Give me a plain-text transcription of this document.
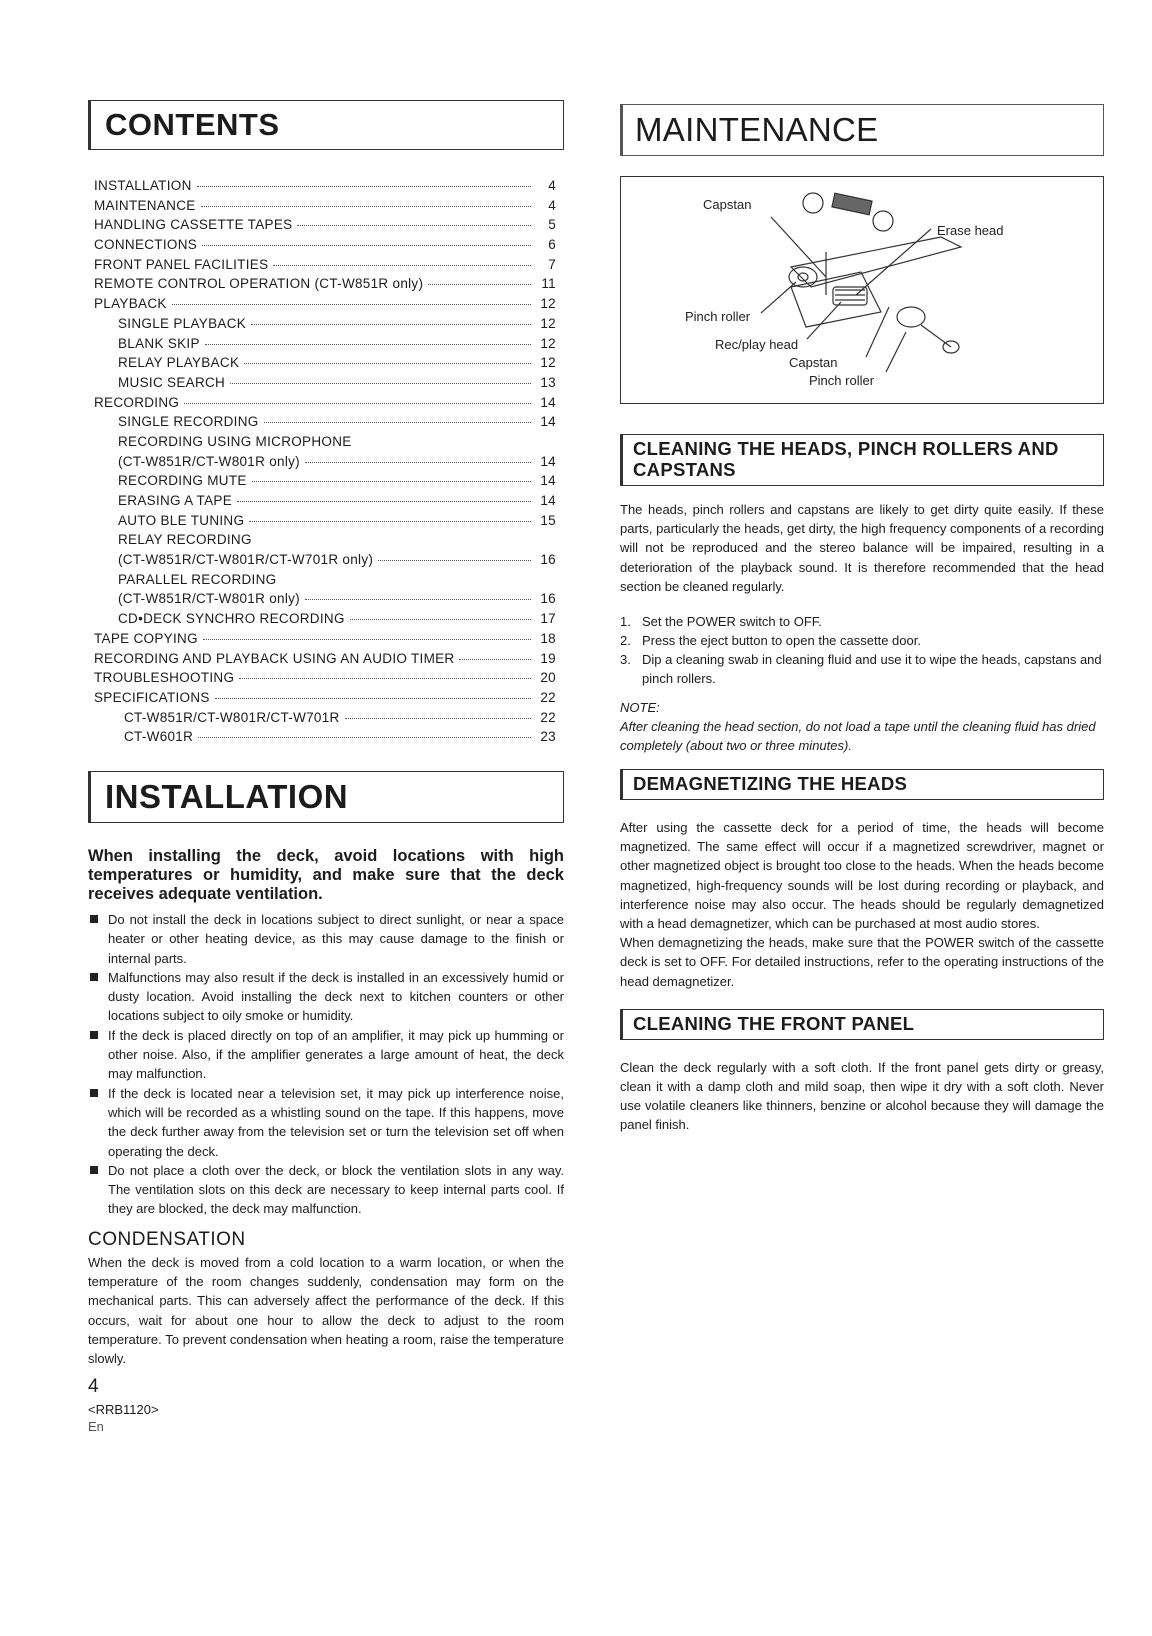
CONTENTS
INSTALLATION	4
MAINTENANCE	4
HANDLING CASSETTE TAPES	5
CONNECTIONS	6
FRONT PANEL FACILITIES	7
REMOTE CONTROL OPERATION (CT-W851R only)	11
PLAYBACK	12
SINGLE PLAYBACK	12
BLANK SKIP	12
RELAY PLAYBACK	12
MUSIC SEARCH	13
RECORDING	14
SINGLE RECORDING	14
RECORDING USING MICROPHONE
(CT-W851R/CT-W801R only)	14
RECORDING MUTE	14
ERASING A TAPE	14
AUTO BLE TUNING	15
RELAY RECORDING
(CT-W851R/CT-W801R/CT-W701R only)	16
PARALLEL RECORDING
(CT-W851R/CT-W801R only)	16
CD•DECK SYNCHRO RECORDING	17
TAPE COPYING	18
RECORDING AND PLAYBACK USING AN AUDIO TIMER	19
TROUBLESHOOTING	20
SPECIFICATIONS	22
CT-W851R/CT-W801R/CT-W701R	22
CT-W601R	23
INSTALLATION

When installing the deck, avoid locations with high temperatures or humidity, and make sure that the deck receives adequate ventilation.

Do not install the deck in locations subject to direct sunlight, or near a space heater or other heating device, as this may cause damage to the finish or internal parts.
Malfunctions may also result if the deck is installed in an excessively humid or dusty location. Avoid installing the deck next to kitchen counters or other locations subject to oily smoke or humidity.
If the deck is placed directly on top of an amplifier, it may pick up humming or other noise. Also, if the amplifier generates a large amount of heat, the deck may malfunction.
If the deck is located near a television set, it may pick up interference noise, which will be recorded as a whistling sound on the tape. If this happens, move the deck further away from the television set or turn the television set off when operating the deck.
Do not place a cloth over the deck, or block the ventilation slots in any way. The ventilation slots on this deck are necessary to keep internal parts cool. If they are blocked, the deck may malfunction.
CONDENSATION

When the deck is moved from a cold location to a warm location, or when the temperature of the room changes suddenly, condensation may form on the mechanical parts. This can adversely affect the performance of the deck. If this occurs, wait for about one hour to allow the deck to adjust to the room temperature. To prevent condensation when heating a room, raise the temperature slowly.

4
<RRB1120>
En
MAINTENANCE
Capstan
Erase head
Pinch roller
Rec/play head
Capstan
Pinch roller
CLEANING THE HEADS, PINCH ROLLERS AND CAPSTANS

The heads, pinch rollers and capstans are likely to get dirty quite easily. If these parts, particularly the heads, get dirty, the high frequency components of a recording will not be reproduced and the stereo balance will be impaired, resulting in a deterioration of the playback sound. It is therefore recommended that the head section be cleaned regularly.

1. Set the POWER switch to OFF.
2. Press the eject button to open the cassette door.
3. Dip a cleaning swab in cleaning fluid and use it to wipe the heads, capstans and pinch rollers.
NOTE:

After cleaning the head section, do not load a tape until the cleaning fluid has dried completely (about two or three minutes).

DEMAGNETIZING THE HEADS

After using the cassette deck for a period of time, the heads will become magnetized. The same effect will occur if a magnetized screwdriver, magnet or other magnetized object is brought too close to the heads. When the heads become magnetized, high-frequency sounds will be lost during recording or playback, and interference noise may also occur. The heads should be regularly demagnetized with a head demagnetizer, which can be purchased at most audio stores.

When demagnetizing the heads, make sure that the POWER switch of the cassette deck is set to OFF. For detailed instructions, refer to the operating instructions of the head demagnetizer.

CLEANING THE FRONT PANEL

Clean the deck regularly with a soft cloth. If the front panel gets dirty or greasy, clean it with a damp cloth and mild soap, then wipe it dry with a soft cloth. Never use volatile cleaners like thinners, benzine or alcohol because they will damage the panel finish.
